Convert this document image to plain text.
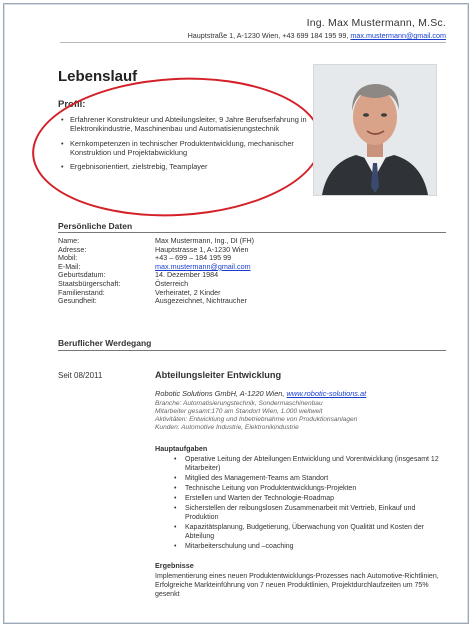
Ing. Max Mustermann, M.Sc.
Hauptstraße 1, A-1230 Wien, +43 699 184 195 99, max.mustermann@gmail.com
Lebenslauf
Profil:
• Erfahrener Konstrukteur und Abteilungsleiter, 9 Jahre Berufserfahrung in Elektronikindustrie, Maschinenbau und Automatisierungstechnik
• Kernkompetenzen in technischer Produktentwicklung, mechanischer Konstruktion und Projektabwicklung
• Ergebnisorientiert, zielstrebig, Teamplayer
Persönliche Daten
Name:	Max Mustermann, Ing., DI (FH)
Adresse:	Hauptstrasse 1, A-1230 Wien
Mobil:	+43 – 699 – 184 195 99
E-Mail:	max.mustermann@gmail.com
Geburtsdatum:	14. Dezember 1984
Staatsbürgerschaft:	Österreich
Familienstand:	Verheiratet, 2 Kinder
Gesundheit:	Ausgezeichnet, Nichtraucher
Beruflicher Werdegang
Seit 08/2011	Abteilungsleiter Entwicklung
Robotic Solutions GmbH, A-1220 Wien, www.robotic-solutions.at
Branche: Automatisierungstechnik, Sondermaschinenbau
Mitarbeiter gesamt:170 am Standort Wien, 1.000 weltweit
Aktivitäten: Entwicklung und Inbetriebnahme von Produktionsanlagen
Kunden: Automotive Industrie, Elektronikindustrie
Hauptaufgaben
• Operative Leitung der Abteilungen Entwicklung und Vorentwicklung (insgesamt 12 Mitarbeiter)
• Mitglied des Management-Teams am Standort
• Technische Leitung von Produktentwicklungs-Projekten
• Erstellen und Warten der Technologie-Roadmap
• Sicherstellen der reibungslosen Zusammenarbeit mit Vertrieb, Einkauf und Produktion
• Kapazitätsplanung, Budgetierung, Überwachung von Qualität und Kosten der Abteilung
• Mitarbeiterschulung und –coaching
Ergebnisse
Implementierung eines neuen Produktentwicklungs-Prozesses nach Automotive-Richtlinien, Erfolgreiche Markteinführung von 7 neuen Produktlinien, Projektdurchlaufzeiten um 75% gesenkt
